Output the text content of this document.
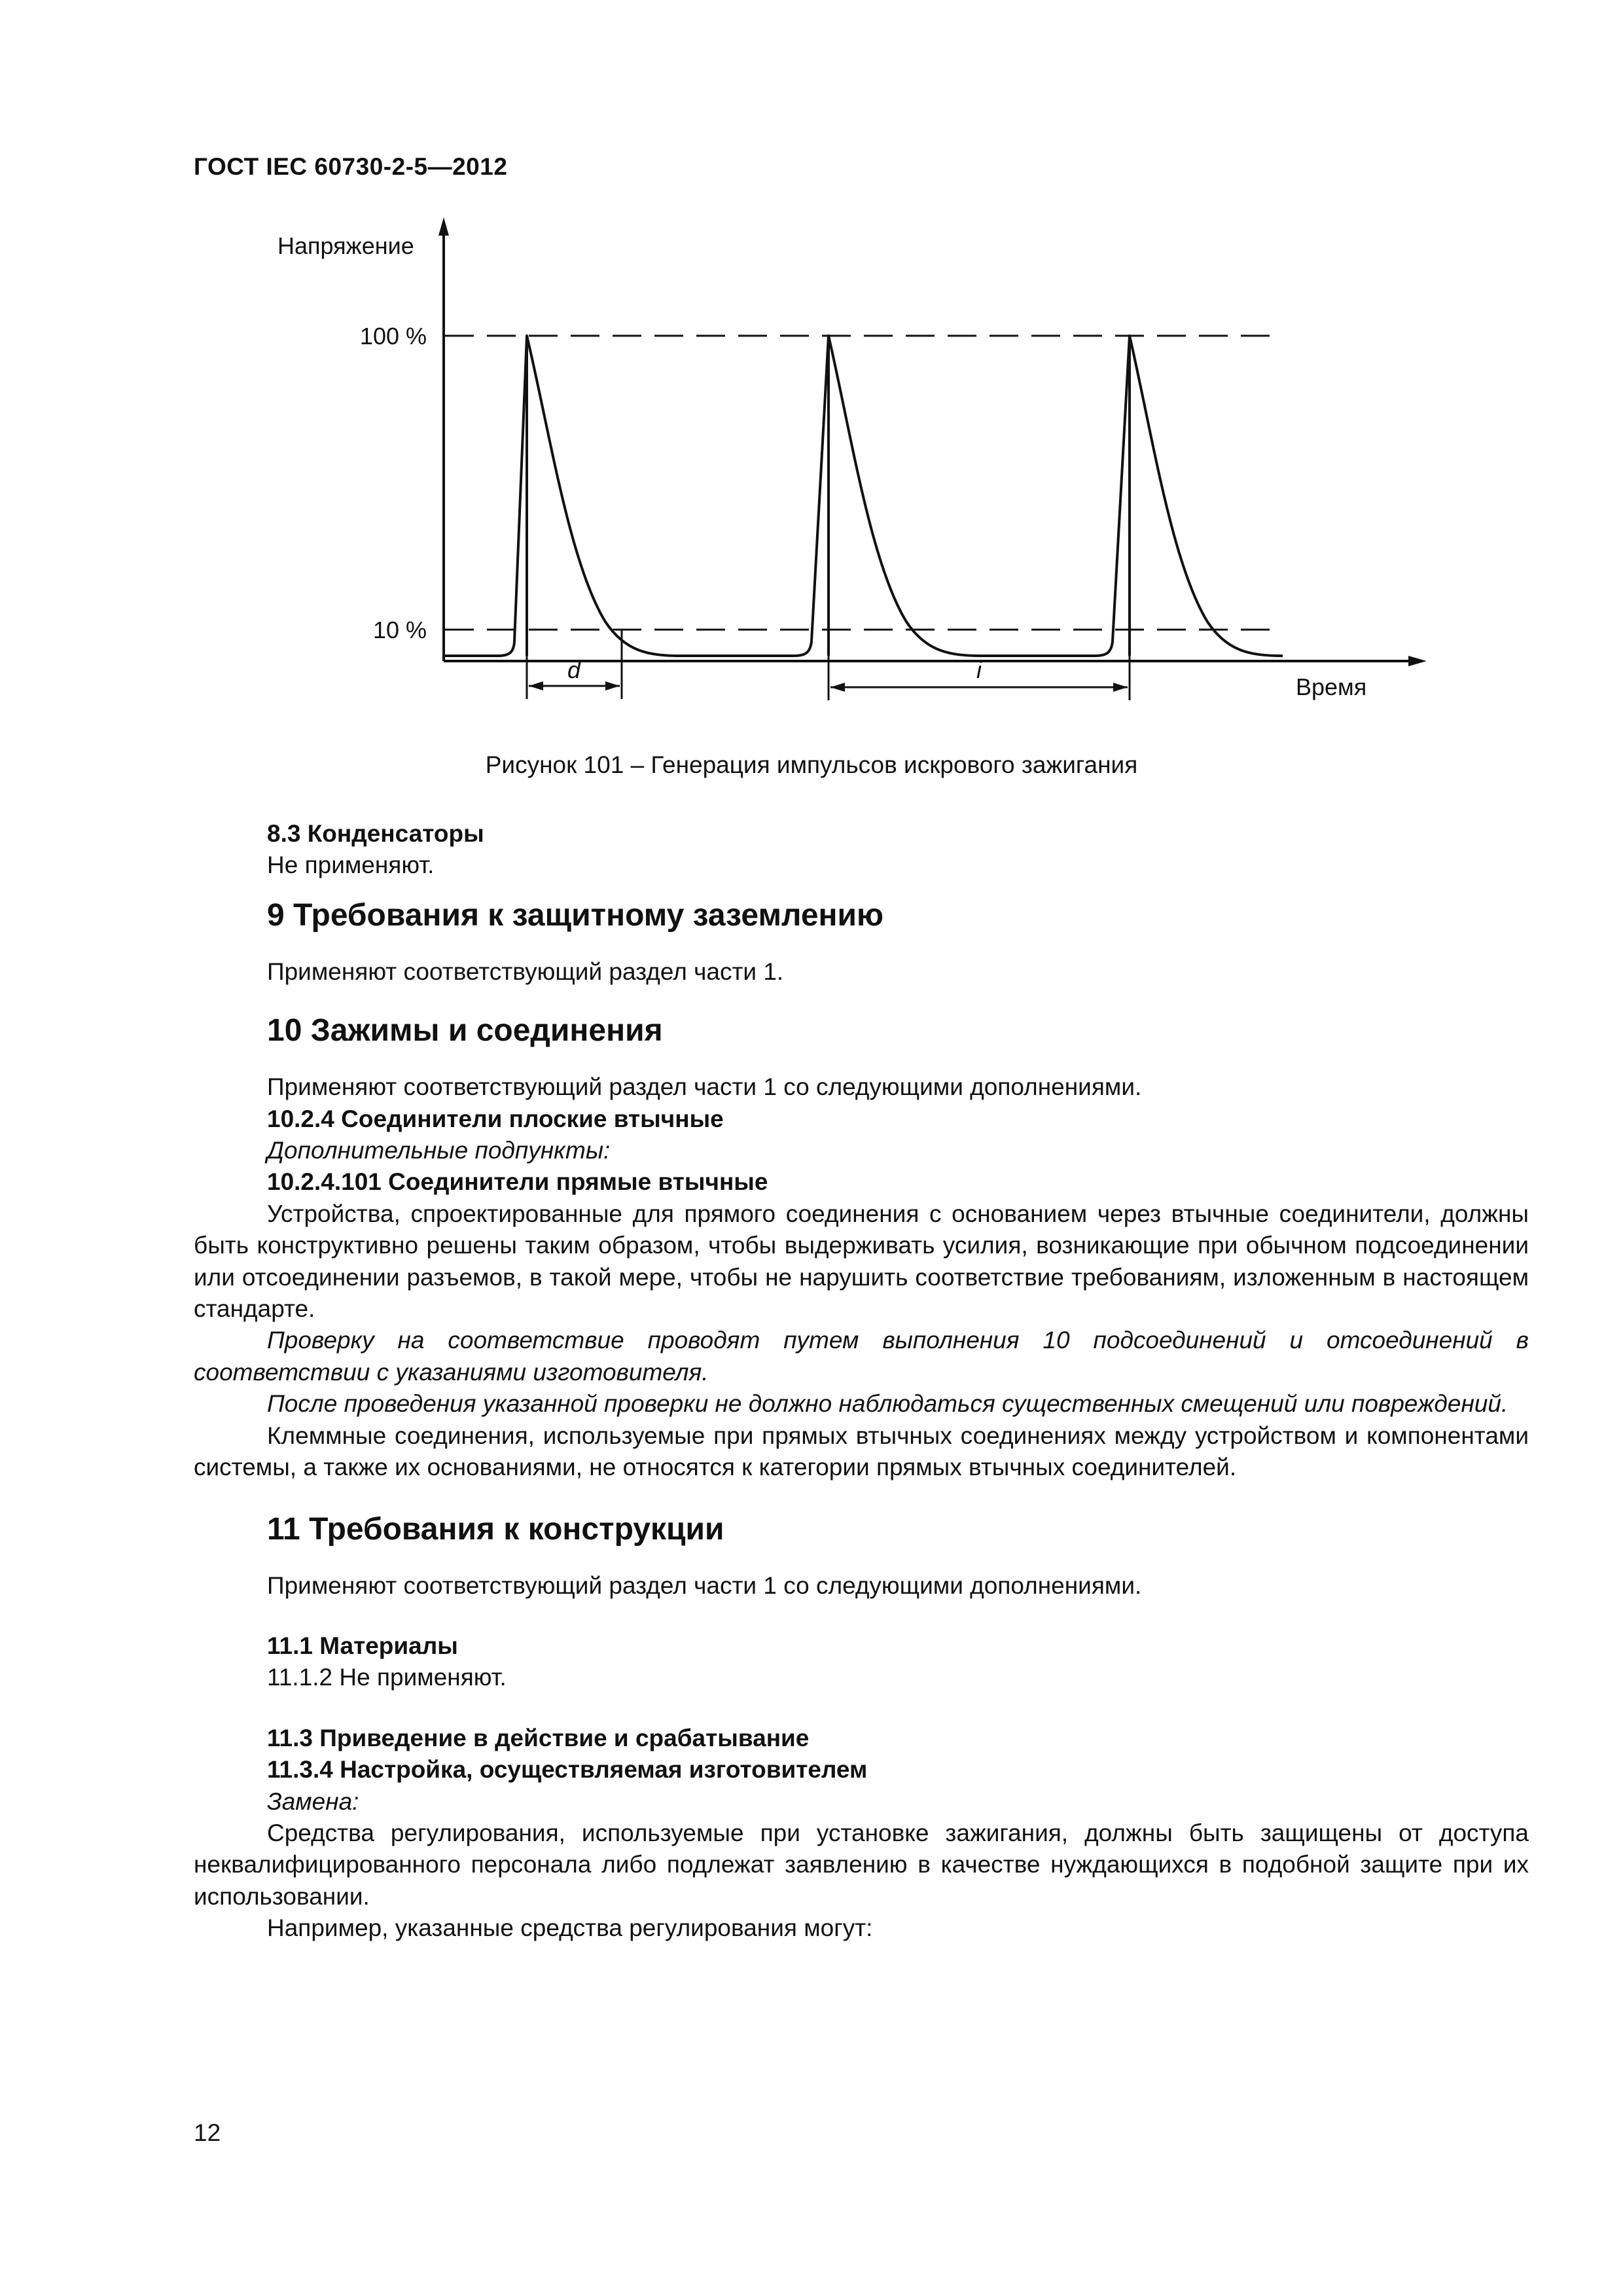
ГОСТ IEC 60730-2-5—2012
Напряжение
100 %
10 %
d	i
Время
Рисунок 101 – Генерация импульсов искрового зажигания

8.3 Конденсаторы

Не применяют.

9 Требования к защитному заземлению

Применяют соответствующий раздел части 1.

10 Зажимы и соединения

Применяют соответствующий раздел части 1 со следующими дополнениями.

10.2.4 Соединители плоские втычные

Дополнительные подпункты:

10.2.4.101 Соединители прямые втычные

Устройства, спроектированные для прямого соединения с основанием через втычные соединители, должны быть конструктивно решены таким образом, чтобы выдерживать усилия, возникающие при обычном подсоединении или отсоединении разъемов, в такой мере, чтобы не нарушить соответствие требованиям, изложенным в настоящем стандарте.

Проверку на соответствие проводят путем выполнения 10 подсоединений и отсоединений в соответствии с указаниями изготовителя.

После проведения указанной проверки не должно наблюдаться существенных смещений или повреждений.

Клеммные соединения, используемые при прямых втычных соединениях между устройством и компонентами системы, а также их основаниями, не относятся к категории прямых втычных соединителей.

11 Требования к конструкции

Применяют соответствующий раздел части 1 со следующими дополнениями.

11.1 Материалы

11.1.2 Не применяют.

11.3 Приведение в действие и срабатывание

11.3.4 Настройка, осуществляемая изготовителем

Замена:

Средства регулирования, используемые при установке зажигания, должны быть защищены от доступа неквалифицированного персонала либо подлежат заявлению в качестве нуждающихся в подобной защите при их использовании.

Например, указанные средства регулирования могут:

12
